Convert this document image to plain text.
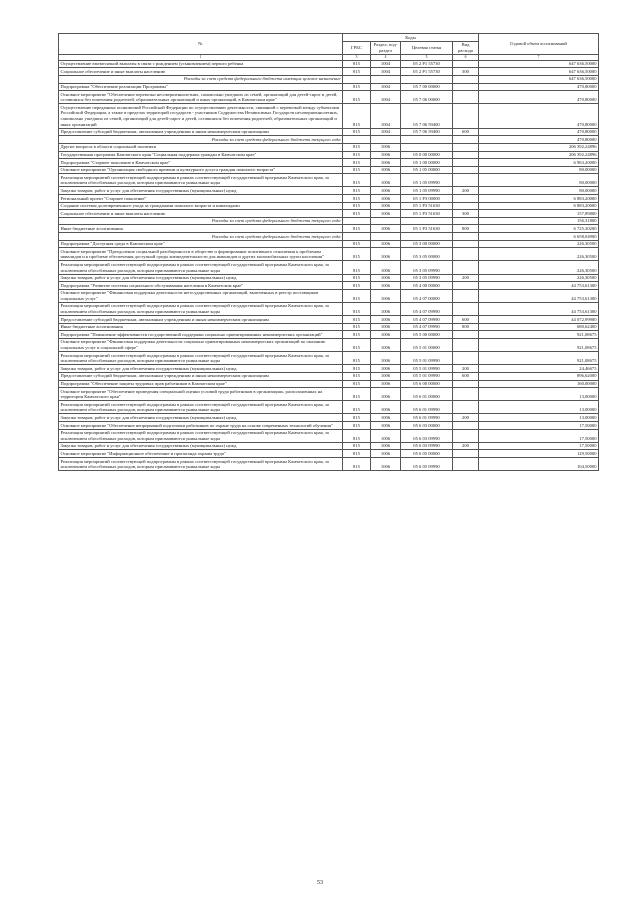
№	Коды				Годовой объем ассигнований
	ГРБС	Раздел, под-раздел	Целевая статья	Вид расхода	
1	3	4	5	6	7
Осуществление ежемесячной выплаты в связи с рождением (усыновлением) первого ребенка	815	1004	05 2 Р1 55730		647 636,50000
Социальное обеспечение и иные выплаты населению	815	1004	05 2 Р1 55730	300	647 636,50000
Расходы за счет средств федерального бюджета имеющих целевое назначение					647 636,50000
Подпрограмма "Обеспечение реализации Программы"	815	1004	05 7 00 00000		470,80000
Основное мероприятие "Обеспечение перевозки несовершеннолетних, самовольно ушедших из семей, организаций для детей-сирот и детей, оставшихся без попечения родителей, образовательных организаций и иных организаций, в Камчатском крае"	815	1004	05 7 06 00000		470,80000
Осуществление переданных полномочий Российской Федерации по осуществлению деятельности, связанной с перевозкой между субъектами Российской Федерации, а также в пределах территорий государств - участников Содружества Независимых Государств несовершеннолетних, самовольно ушедших из семей, организаций для детей-сирот и детей, оставшихся без попечения родителей, образовательных организаций и иных организаций	815	1004	05 7 06 59400		470,80000
Предоставление субсидий бюджетным, автономным учреждениям и иным некоммерческим организациям	815	1004	05 7 06 59400	600	470,80000
Расходы за счет средств федерального бюджета текущего года					470,80000
Другие вопросы в области социальной политики	815	1006			206 392,24896
Государственная программа Камчатского края "Социальная поддержка граждан в Камчатском крае"	815	1006	05 0 00 00000		206 392,24896
Подпрограмма "Старшее поколение в Камчатском крае"	815	1006	05 1 00 00000		6 963,20000
Основное мероприятие "Организация свободного времени и культурного досуга граждан пожилого возраста"	815	1006	05 1 05 00000		80,00000
Реализация мероприятий соответствующей подпрограммы в рамках соответствующей государственной программы Камчатского края, за исключением обособленных расходов, которым присваиваются уникальные коды	815	1006	05 1 05 09990		80,00000
Закупка товаров, работ и услуг для обеспечения государственных (муниципальных) нужд	815	1006	05 1 05 09990	200	80,00000
Региональный проект "Старшее поколение"	815	1006	05 1 P3 00000		6 883,20000
Создание системы долговременного ухода за гражданами пожилого возраста и инвалидами	815	1006	05 1 P3 51630		6 883,20000
Социальное обеспечение и иные выплаты населению	815	1006	05 1 P3 51630	300	157,89800
Расходы за счет средств федерального бюджета текущего года					156,31800
Иные бюджетные ассигнования	815	1006	05 1 P3 51630	800	6 725,30200
Расходы за счет средств федерального бюджета текущего года					6 658,04900
Подпрограмма "Доступная среда в Камчатском крае"	815	1006	05 3 00 00000		226,30500
Основное мероприятие "Преодоление социальной разобщенности в обществе и формирование позитивного отношения к проблемам инвалидов и к проблеме обеспечения доступной среды жизнедеятельности для инвалидов и других маломобильных групп населения"	815	1006	05 3 05 00000		226,30500
Реализация мероприятий соответствующей подпрограммы в рамках соответствующей государственной программы Камчатского края, за исключением обособленных расходов, которым присваиваются уникальные коды	815	1006	05 3 05 09990		226,30500
Закупка товаров, работ и услуг для обеспечения государственных (муниципальных) нужд	815	1006	05 3 05 09990	200	226,30500
Подпрограмма "Развитие системы социального обслуживания населения в Камчатском крае"	815	1006	05 4 00 00000		44 753,61300
Основное мероприятие "Финансовая поддержка деятельности негосударственных организаций, включенных в реестр поставщиков социальных услуг"	815	1006	05 4 07 00000		44 753,61300
Реализация мероприятий соответствующей подпрограммы в рамках соответствующей государственной программы Камчатского края, за исключением обособленных расходов, которым присваиваются уникальные коды	815	1006	05 4 07 09990		44 753,61300
Предоставление субсидий бюджетным, автономным учреждениям и иным некоммерческим организациям	815	1006	05 4 07 09990	600	44 072,99900
Иные бюджетные ассигнования	815	1006	05 4 07 09990	800	680,62400
Подпрограмма "Повышение эффективности государственной поддержки социально ориентированных некоммерческих организаций"	815	1006	05 5 00 00000		921,08675
Основное мероприятие "Финансовая поддержка деятельности социально ориентированных некоммерческих организаций по оказанию социальных услуг в социальной сфере"	815	1006	05 5 01 00000		921,08675
Реализация мероприятий соответствующей подпрограммы в рамках соответствующей государственной программы Камчатского края, за исключением обособленных расходов, которым присваиваются уникальные коды	815	1006	05 5 01 09990		921,08675
Закупка товаров, работ и услуг для обеспечения государственных (муниципальных) нужд	815	1006	05 5 01 09990	200	24,46675
Предоставление субсидий бюджетным, автономным учреждениям и иным некоммерческим организациям	815	1006	05 5 01 09990	600	896,62000
Подпрограмма "Обеспечение защиты трудовых прав работников в Камчатском крае"	815	1006	05 6 00 00000		160,00000
Основное мероприятие "Обеспечение проведения специальной оценки условий труда работников в организациях, расположенных на территории Камчатского края"	815	1006	05 6 01 00000		13,00000
Реализация мероприятий соответствующей подпрограммы в рамках соответствующей государственной программы Камчатского края, за исключением обособленных расходов, которым присваиваются уникальные коды	815	1006	05 6 01 09990		13,00000
Закупка товаров, работ и услуг для обеспечения государственных (муниципальных) нужд	815	1006	05 6 01 09990	200	13,00000
Основное мероприятие "Обеспечение непрерывной подготовки работников по охране труда на основе современных технологий обучения"	815	1006	05 6 03 00000		17,50000
Реализация мероприятий соответствующей подпрограммы в рамках соответствующей государственной программы Камчатского края, за исключением обособленных расходов, которым присваиваются уникальные коды	815	1006	05 6 03 09990		17,50000
Закупка товаров, работ и услуг для обеспечения государственных (муниципальных) нужд	815	1006	05 6 03 09990	200	17,50000
Основное мероприятие "Информационное обеспечение и пропаганда охраны труда"	815	1006	05 6 05 00000		129,50000
Реализация мероприятий соответствующей подпрограммы в рамках соответствующей государственной программы Камчатского края, за исключением обособленных расходов, которым присваиваются уникальные коды	815	1006	05 6 05 09990		104,50000
53
